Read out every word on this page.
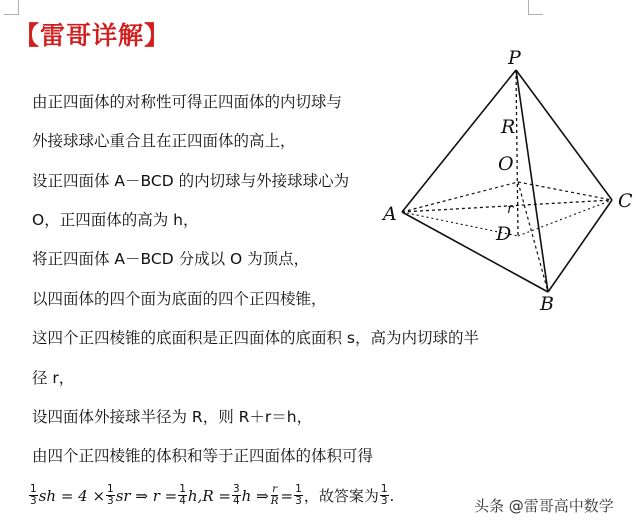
【雷哥详解】
由正四面体的对称性可得正四面体的内切球与
外接球球心重合且在正四面体的高上，
设正四面体 A－BCD 的内切球与外接球球心为
O，正四面体的高为 h，
将正四面体 A－BCD 分成以 O 为顶点，
以四面体的四个面为底面的四个正四棱锥，
这四个正四棱锥的底面积是正四面体的底面积 s，高为内切球的半
径 r，
设四面体外接球半径为 R，则 R＋r＝h，
由四个正四棱锥的体积和等于正四面体的体积可得
$\frac{1}{3}$ sh = $4 \times \frac{1}{3}$ sr ⇒ $r = \frac{1}{4} h,R = \frac{3}{4}$ h ⇒ $\frac{r}{R} = \frac{1}{3}$ ，故答案为 $\frac{1}{3}$ .
P
A
B
C
R
O
r
D
头条 @雷哥高中数学
